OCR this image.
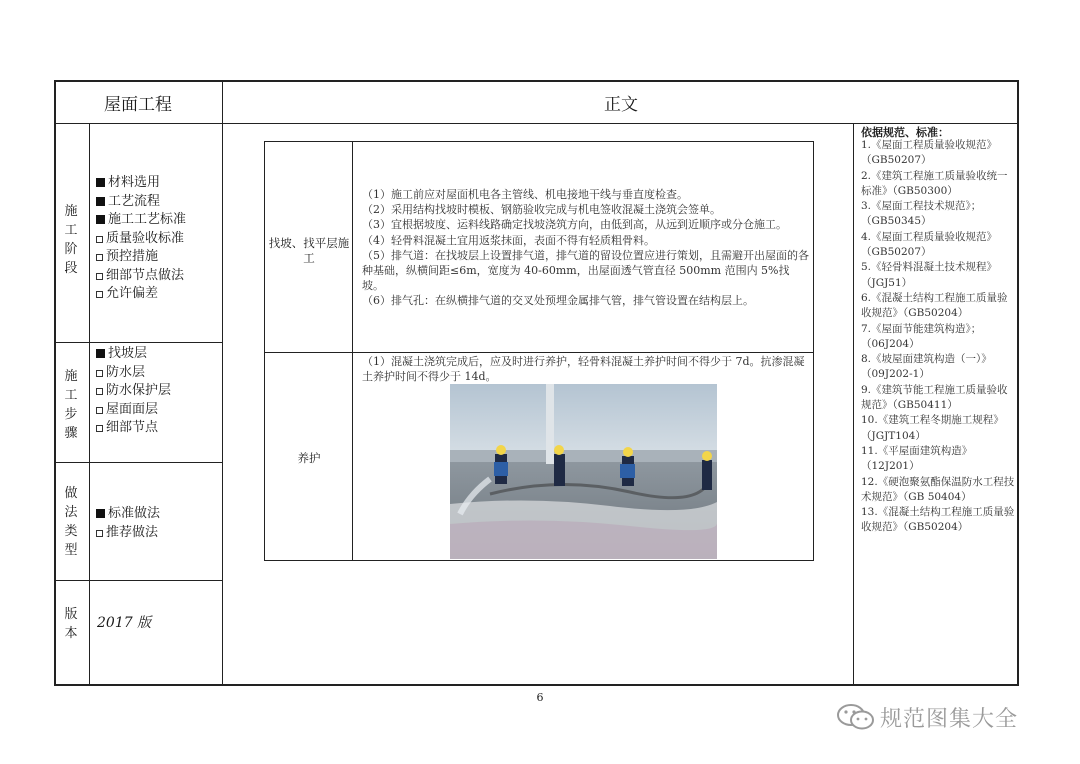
屋面工程	正文
施工阶段
材料选用
工艺流程
施工工艺标准
质量验收标准
预控措施
细部节点做法
允许偏差
施工步骤
找坡层
防水层
防水保护层
屋面面层
细部节点
做法类型
标准做法
推荐做法
版本
2017 版
找坡、找平层施工
（1）施工前应对屋面机电各主管线、机电接地干线与垂直度检查。
（2）采用结构找坡时模板、钢筋验收完成与机电签收混凝土浇筑会签单。
（3）宜根据坡度、运料线路确定找坡浇筑方向，由低到高，从远到近顺序或分仓施工。
（4）轻骨料混凝土宜用返浆抹面，表面不得有轻质粗骨料。
（5）排气道：在找坡层上设置排气道，排气道的留设位置应进行策划，且需避开出屋面的各种基础，纵横间距≤6m，宽度为 40-60mm，出屋面透气管直径 500mm 范围内 5%找坡。
（6）排气孔：在纵横排气道的交叉处预埋金属排气管，排气管设置在结构层上。
养护
（1）混凝土浇筑完成后，应及时进行养护，轻骨料混凝土养护时间不得少于 7d。抗渗混凝土养护时间不得少于 14d。
依据规范、标准：
1.《屋面工程质量验收规范》（GB50207）
2.《建筑工程施工质量验收统一标准》（GB50300）
3.《屋面工程技术规范》；（GB50345）
4.《屋面工程质量验收规范》（GB50207）
5.《轻骨料混凝土技术规程》（JGJ51）
6.《混凝土结构工程施工质量验收规范》（GB50204）
7.《屋面节能建筑构造》；（06J204）
8.《坡屋面建筑构造（一）》（09J202-1）
9.《建筑节能工程施工质量验收规范》（GB50411）
10.《建筑工程冬期施工规程》（JGJT104）
11.《平屋面建筑构造》（12J201）
12.《硬泡聚氨酯保温防水工程技术规范》（GB 50404）
13.《混凝土结构工程施工质量验收规范》（GB50204）
6
规范图集大全
